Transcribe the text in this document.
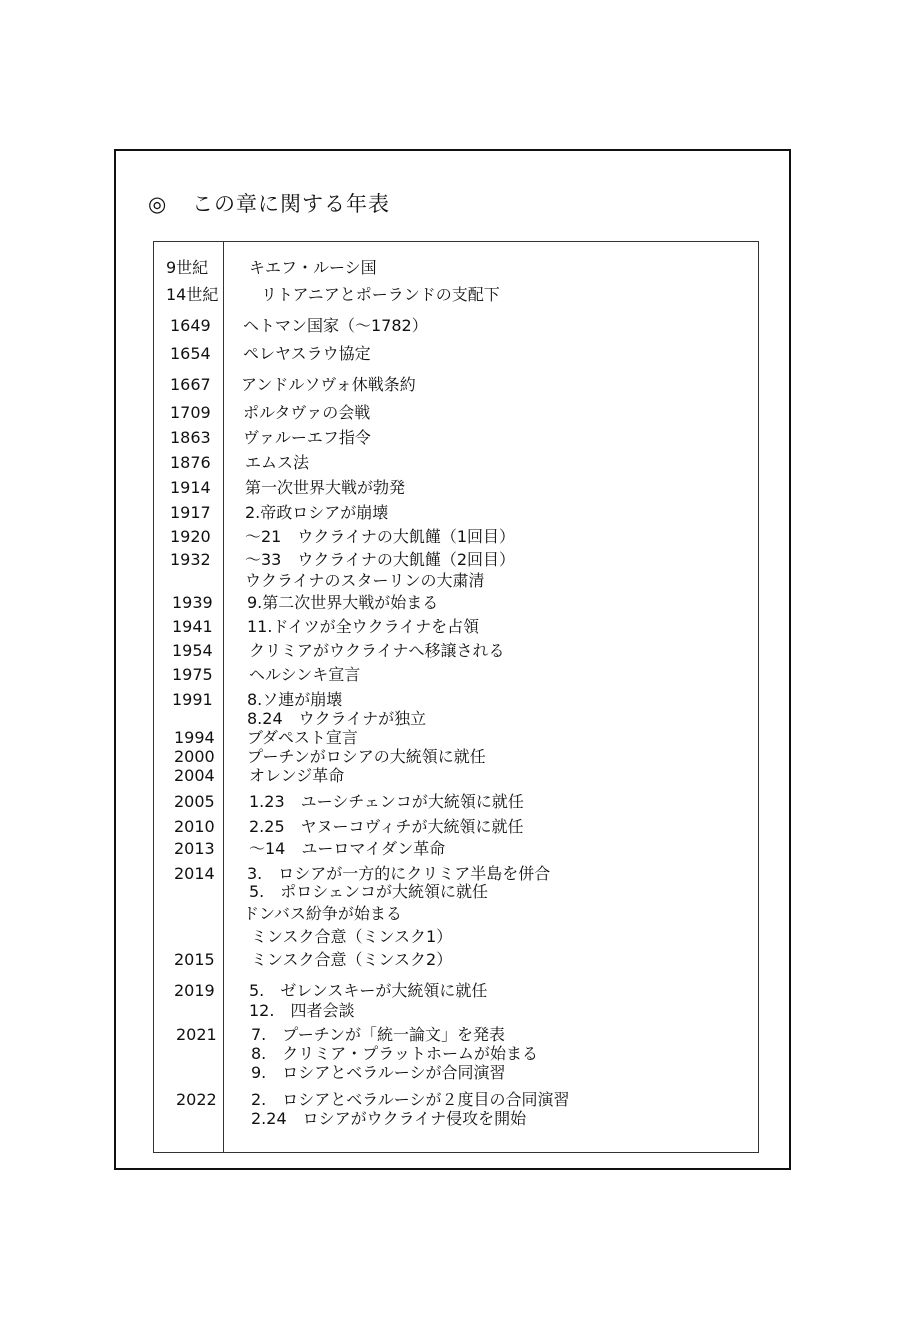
◎ この章に関する年表
9世紀	キエフ・ルーシ国
14世紀	リトアニアとポーランドの支配下
1649 ヘトマン国家（～1782）
1654 ペレヤスラウ協定
1667 アンドルソヴォ休戦条約
1709 ポルタヴァの会戦
1863 ヴァルーエフ指令
1876 エムス法
1914 第一次世界大戦が勃発
1917 2.帝政ロシアが崩壊
1920 ～21　ウクライナの大飢饉（1回目）
1932 ～33　ウクライナの大飢饉（2回目）
ウクライナのスターリンの大粛清
1939 9.第二次世界大戦が始まる
1941 11.ドイツが全ウクライナを占領
1954 クリミアがウクライナへ移譲される
1975 ヘルシンキ宣言
1991 8.ソ連が崩壊
8.24　ウクライナが独立
1994 ブダペスト宣言
2000 プーチンがロシアの大統領に就任
2004 オレンジ革命
2005 1.23　ユーシチェンコが大統領に就任
2010 2.25　ヤヌーコヴィチが大統領に就任
2013 ～14　ユーロマイダン革命
2014 3.　ロシアが一方的にクリミア半島を併合
5.　ポロシェンコが大統領に就任
ドンバス紛争が始まる
ミンスク合意（ミンスク1）
2015 ミンスク合意（ミンスク2）
2019 5.　ゼレンスキーが大統領に就任
12.　四者会談
2021 7.　プーチンが「統一論文」を発表
8.　クリミア・プラットホームが始まる
9.　ロシアとベラルーシが合同演習
2022 2.　ロシアとベラルーシが２度目の合同演習
2.24　ロシアがウクライナ侵攻を開始
